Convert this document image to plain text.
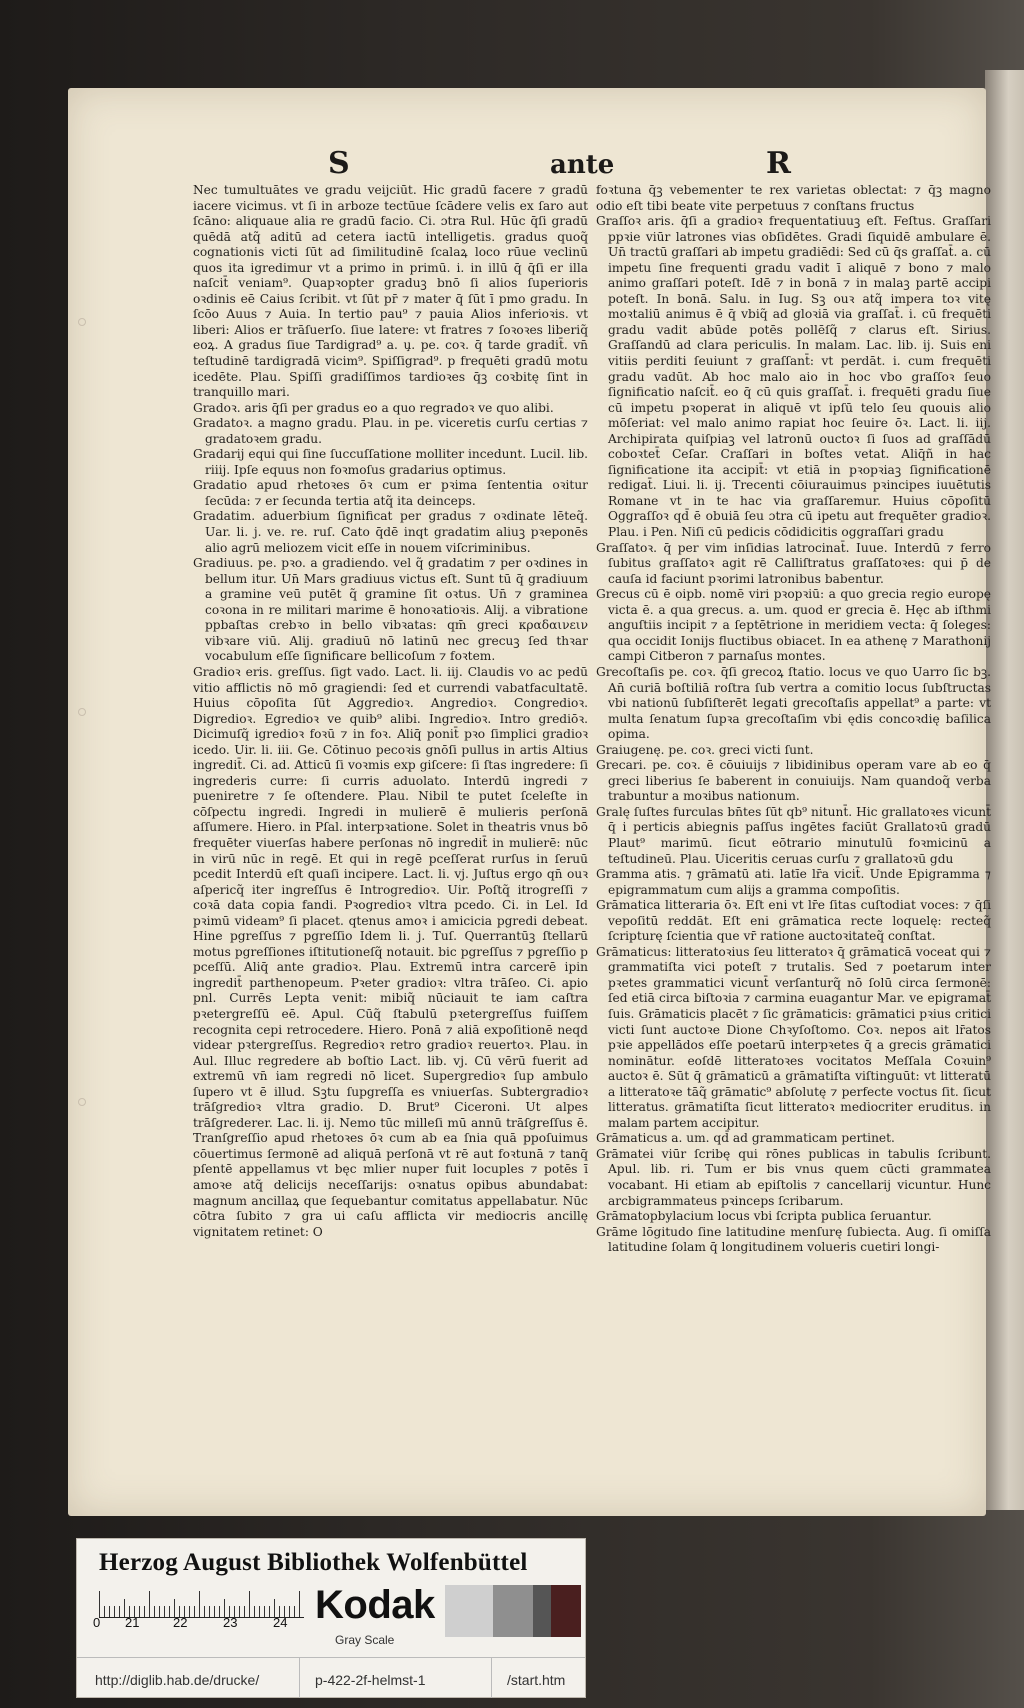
S	ante	R

Nec tumultuātes ve gradu veijciūt. Hic gradū facere ⁊ gradū iacere vicimus. vt ſi in arboze tectūue ſcādere velis ex ſaro aut ſcāno: aliquaue alia re gradū facio. Ci. ɔtra Rul. Hūc q̄ſi gradū quēdā atq̃ aditū ad cetera iactū intelligetis. gradus quoq̃ cognationis victi ſūt ad ſimilitudinē ſcalaꝝ loco rūue veclinū quos ita igredimur vt a primo in primū. i. in illū q̄ q̄ſi er illa naſcit̄ veniam⁹. Quapꝛopter graduꝫ bnō ſi alios ſuperioris oꝛdinis eē Caius ſcribit. vt ſūt pr̄ ⁊ mater q̄ ſūt ī pmo gradu. In ſcōo Auus ⁊ Auia. In tertio pau⁹ ⁊ pauia Alios inferioꝛis. vt liberi: Alios er trāſuerſo. ſiue latere: vt fratres ⁊ ſoꝛoꝛes liberiq̃ eoꝝ. A gradus ſiue Tardigrad⁹ a. u̧. pe. coꝛ. q̄ tarde gradit̄. vn̄ teſtudinē tardigradā vicim⁹. Spiſſigrad⁹. p frequēti gradū motu icedēte. Plau. Spiſſi gradiſſimos tardioꝛes q̄ꝫ coꝛbitę ſint in tranquillo mari.

Gradoꝛ. aris q̄ſi per gradus eo a quo regradoꝛ ve quo alibi.

Gradatoꝛ. a magno gradu. Plau. in pe. viceretis curſu certias ⁊ gradatoꝛem gradu.

Gradarij equi qui ſine ſuccuſſatione molliter incedunt. Lucil. lib. riiij. Ipſe equus non foꝛmoſus gradarius optimus.

Gradatio apud rhetoꝛes ōꝛ cum er pꝛima ſententia oꝛitur ſecūda: ⁊ er ſecunda tertia atq̃ ita deinceps.

Gradatim. aduerbium ſignificat per gradus ⁊ oꝛdinate lēteq̃. Uar. li. j. ve. re. ruſ. Cato q̄dē inqt gradatim aliuꝫ pꝛeponēs alio agrū meliozem vicit eſſe in nouem viſcriminibus.

Gradiuus. pe. pꝛo. a gradiendo. vel q̃ gradatim ⁊ per oꝛdines in bellum itur. Un̄ Mars gradiuus victus eſt. Sunt tū q̄ gradiuum a gramine veū putēt q̃ gramine ſit oꝛtus. Un̄ ⁊ graminea coꝛona in re militari marime ē honoꝛatioꝛis. Alij. a vibratione ppbaſtas crebꝛo in bello vibꝛatas: qm̄ greci κραδαινειν vibꝛare viū. Alij. gradiuū nō latinū nec grecuꝫ ſed thꝛar vocabulum eſſe ſignificare bellicoſum ⁊ foꝛtem.

Gradioꝛ eris. greſſus. ſigt vado. Lact. li. iij. Claudis vo ac pedū vitio afflictis nō mō gragiendi: ſed et currendi vabatfacultatē. Huius cōpoſita ſūt Aggredioꝛ. Angredioꝛ. Congredioꝛ. Digredioꝛ. Egredioꝛ ve quib⁹ alibi. Ingredioꝛ. Intro grediōꝛ. Dicimuſq̃ igredioꝛ foꝛū ⁊ in foꝛ. Aliq̄ ponit̄ pꝛo ſimplici gradioꝛ icedo. Uir. li. iii. Ge. Cōtinuo pecoꝛis gnōſi pullus in artis Altius ingredit̄. Ci. ad. Atticū ſi voꝛmis exp giſcere: ſi ſtas ingredere: ſi ingrederis curre: ſi curris aduolato. Interdū ingredi ⁊ pueniretre ⁊ ſe oſtendere. Plau. Nibil te putet ſceleſte in cōſpectu ingredi. Ingredi in mulierē ē mulieris perſonā aſſumere. Hiero. in Pſal. interpꝛatione. Solet in theatris vnus bō frequēter viuerſas habere perſonas nō ingredit̄ in mulierē: nūc in virū nūc in regē. Et qui in regē pceſſerat rurſus in ſeruū pcedit Interdū eſt quaſi incipere. Lact. li. vj. Juſtus ergo qn̄ ouꝛ aſpericq̃ iter ingreſſus ē Introgredioꝛ. Uir. Poſtq̃ itrogreſſi ⁊ coꝛā data copia fandi. Pꝛogredioꝛ vltra pcedo. Ci. in Lel. Id pꝛimū videam⁹ ſi placet. qtenus amoꝛ i amicicia pgredi debeat. Hine pgreſſus ⁊ pgreſſio Idem li. j. Tuſ. Querrantūꝫ ſtellarū motus pgreſſiones iſtitutioneſq̃ notauit. bic pgreſſus ⁊ pgreſſio p pceſſū. Aliq̄ ante gradioꝛ. Plau. Extremū intra carcerē ipin ingredit̄ parthenopeum. Pꝛeter gradioꝛ: vltra trāſeo. Ci. apio pnl. Currēs Lepta venit: mibiq̃ nūciauit te iam caſtra pꝛetergreſſū eē. Apul. Cūq̃ ſtabulū pꝛetergreſſus fuiſſem recognita cepi retrocedere. Hiero. Ponā ⁊ aliā expoſitionē neqd videar pꝛtergreſſus. Regredioꝛ retro gradioꝛ reuertoꝛ. Plau. in Aul. Illuc regredere ab boſtio Lact. lib. vj. Cū vērū fuerit ad extremū vn̄ iam regredi nō licet. Supergredioꝛ ſup ambulo ſupero vt ē illud. Sꝫtu ſupgreſſa es vniuerſas. Subtergradioꝛ trāſgredioꝛ vltra gradio. D. Brut⁹ Ciceroni. Ut alpes trāſgrederer. Lac. li. ij. Nemo tūc milleſi mū annū trāſgreſſus ē. Tranſgreſſio apud rhetoꝛes ōꝛ cum ab ea ſnia quā ppoſuimus cōuertimus ſermonē ad aliquā perſonā vt rē aut foꝛtunā ⁊ tanq̄ pſentē appellamus vt bęc mlier nuper fuit locuples ⁊ potēs ī amoꝛe atq̃ delicijs neceſſarijs: oꝛnatus opibus abundabat: magnum ancillaꝝ que ſequebantur comitatus appellabatur. Nūc cōtra ſubito ⁊ gra ui caſu afflicta vir mediocris ancillę vignitatem retinet: O

foꝛtuna q̄ꝫ vebementer te rex varietas oblectat: ⁊ q̄ꝫ magno odio eſt tibi beate vite perpetuus ⁊ conſtans fructus

Graſſoꝛ aris. q̄ſi a gradioꝛ frequentatiuuꝫ eſt. Feſtus. Graſſari ppꝛie viūr latrones vias obſidētes. Gradi ſiquidē ambulare ē. Un̄ tractū graſſari ab impetu gradiēdi: Sed cū q̄s graſſat̄. a. cū impetu ſine frequenti gradu vadit ī aliquē ⁊ bono ⁊ malo animo graſſari poteſt. Idē ⁊ in bonā ⁊ in malaꝫ partē accipi poteſt. In bonā. Salu. in Iug. Sꝫ ouꝛ atq̃ impera toꝛ vitę moꝛtaliū animus ē q̄ vbiq̃ ad gloꝛiā via graſſat̄. i. cū frequēti gradu vadit abūde potēs pollēſq̃ ⁊ clarus eſt. Sirius. Graſſandū ad clara periculis. In malam. Lac. lib. ij. Suis eni vitiis perditi ſeuiunt ⁊ graſſant̄: vt perdāt. i. cum frequēti gradu vadūt. Ab hoc malo aio in hoc vbo graſſoꝛ ſeuo ſignificatio naſcit̄. eo q̄ cū quis graſſat̄. i. frequēti gradu ſiue cū impetu pꝛoperat in aliquē vt ipſū telo ſeu quouis alio mōſeriat: vel malo animo rapiat hoc ſeuire ōꝛ. Lact. li. iij. Archipirata quiſpiaꝫ vel latronū ouctoꝛ ſi ſuos ad graſſādū coboꝛtet̄ Ceſar. Craſſari in boſtes vetat. Aliq̄ñ in hac ſignificatione ita accipit̄: vt etiā in pꝛopꝛiaꝫ ſignificationē redigat̄. Liui. li. ij. Trecenti cōiurauimus pꝛincipes iuuētutis Romane vt in te hac via graſſaremur. Huius cōpoſitū Oggraſſoꝛ qd̄ ē obuiā ſeu ɔtra cū ipetu aut frequēter gradioꝛ. Plau. i Pen. Niſi cū pedicis cōdidicitis oggraſſari gradu

Graſſatoꝛ. q̄ per vim inſidias latrocinat̄. Iuue. Interdū ⁊ ferro ſubitus graſſatoꝛ agit rē Calliſtratus graſſatoꝛes: qui p̄ de cauſa id faciunt pꝛorimi latronibus babentur.

Grecus cū ē oipb. nomē viri pꝛopꝛiū: a quo grecia regio europę victa ē. a qua grecus. a. um. quod er grecia ē. Hęc ab iſthmi anguſtiis incipit ⁊ a ſeptētrione in meridiem vecta: q̄ ſoleges: qua occidit Ionijs fluctibus obiacet. In ea athenę ⁊ Marathonij campi Citberon ⁊ parnaſus montes.

Grecoſtaſis pe. coꝛ. q̄ſi grecoꝝ ſtatio. locus ve quo Uarro ſic bꝫ. An̄ curiā boſtiliā roſtra ſub vertra a comitio locus ſubſtructas vbi nationū ſubſiſterēt legati grecoſtaſis appellat⁹ a parte: vt multa ſenatum ſupꝛa grecoſtaſim vbi ędis concoꝛdię baſilica opima.

Graiugenę. pe. coꝛ. greci victi ſunt.

Grecari. pe. coꝛ. ē cōuiuijs ⁊ libidinibus operam vare ab eo q̄ greci liberius ſe baberent in conuiuijs. Nam quandoq̃ verba trabuntur a moꝛibus nationum.

Gralę ſuſtes furculas bn̄tes ſūt qb⁹ nitunt̄. Hic grallatoꝛes vicunt̄ q̄ i perticis abiegnis paſſus ingētes faciūt Grallatoꝛū gradū Plaut⁹ marimū. ſicut eōtrario minutulū foꝛmicinū a teſtudineū. Plau. Uiceritis ceruas curſu ⁊ grallatoꝛū gdu

Gramma atis. ⁊ grāmatū ati. latīe lr̄a vicit̄. Unde Epigramma ⁊ epigrammatum cum alijs a gramma compoſitis.

Grāmatica litteraria ōꝛ. Eſt eni vt lr̄e ſitas cuſtodiat voces: ⁊ q̄ſi vepoſitū reddāt. Eſt eni grāmatica recte loquelę: recteq̃ ſcripturę ſcientia que vr̄ ratione auctoꝛitateq̃ conſtat.

Grāmaticus: litteratoꝛius ſeu litteratoꝛ q̄ grāmaticā voceat qui ⁊ grammatiſta vici poteſt ⁊ trutalis. Sed ⁊ poetarum inter pꝛetes grammatici vicunt̄ verſanturq̃ nō ſolū circa ſermonē: ſed etiā circa biſtoꝛia ⁊ carmina euagantur Mar. ve epigramat̄ ſuis. Grāmaticis placēt ⁊ ſic grāmaticis: grāmatici pꝛius critici victi ſunt auctoꝛe Dione Chꝛyſoſtomo. Coꝛ. nepos ait lr̄atos pꝛie appellādos eſſe poetarū interpꝛetes q̄ a grecis grāmatici nominātur. eoſdē litteratoꝛes vocitatos Meſſala Coꝛuin⁹ auctoꝛ ē. Sūt q̄ grāmaticū a grāmatiſta viſtinguūt: vt litteratū a litteratoꝛe tāq̃ grāmatic⁹ abſolutę ⁊ perfecte voctus ſit. ſicut litteratus. grāmatiſta ſicut litteratoꝛ mediocriter eruditus. in malam partem accipitur.

Grāmaticus a. um. qd̄ ad grammaticam pertinet.

Grāmatei viūr ſcribę qui rōnes publicas in tabulis ſcribunt. Apul. lib. ri. Tum er bis vnus quem cūcti grammatea vocabant. Hi etiam ab epiſtolis ⁊ cancellarij vicuntur. Hunc arcbigrammateus pꝛinceps ſcribarum.

Grāmatopbylacium locus vbi ſcripta publica ſeruantur.

Grāme lōgitudo ſine latitudine menſurę ſubiecta. Aug. ſi omiſſa latitudine ſolam q̄ longitudinem volueris cuetiri longi-

Herzog August Bibliothek Wolfenbüttel
0 21	22	23	24 Kodak
Gray Scale
http://diglib.hab.de/drucke/	p-422-2f-helmst-1	/start.htm
